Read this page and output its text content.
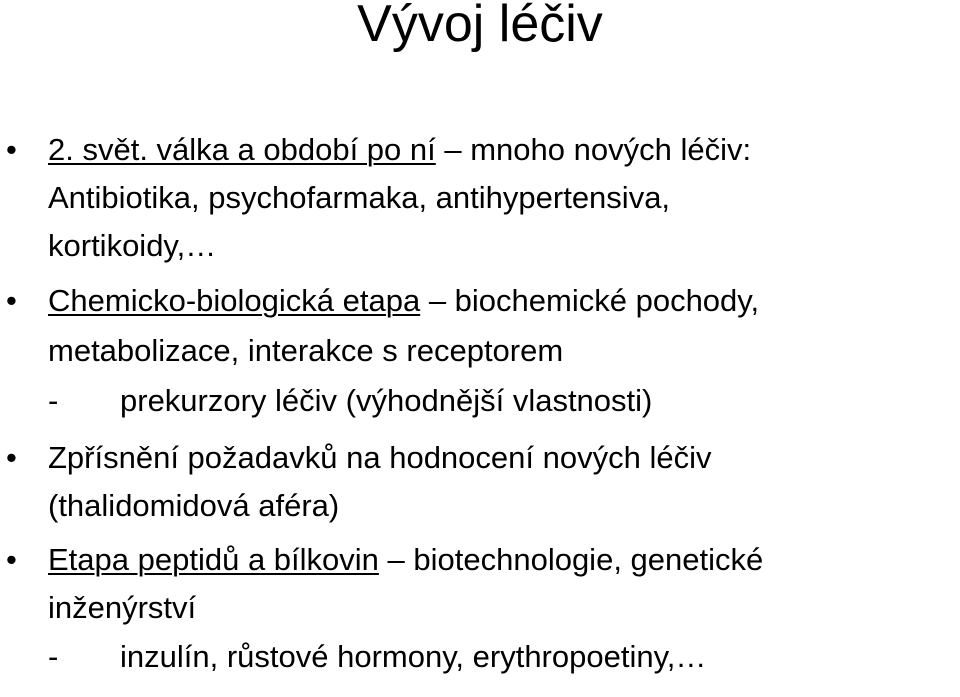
Vývoj léčiv
•
2. svět. válka a období po ní – mnoho nových léčiv:
Antibiotika, psychofarmaka, antihypertensiva,
kortikoidy,…
•
Chemicko-biologická etapa – biochemické pochody,
metabolizace, interakce s receptorem
- prekurzory léčiv (výhodnější vlastnosti)
•
Zpřísnění požadavků na hodnocení nových léčiv
(thalidomidová aféra)
•
Etapa peptidů a bílkovin – biotechnologie, genetické
inženýrství
- inzulín, růstové hormony, erythropoetiny,…
